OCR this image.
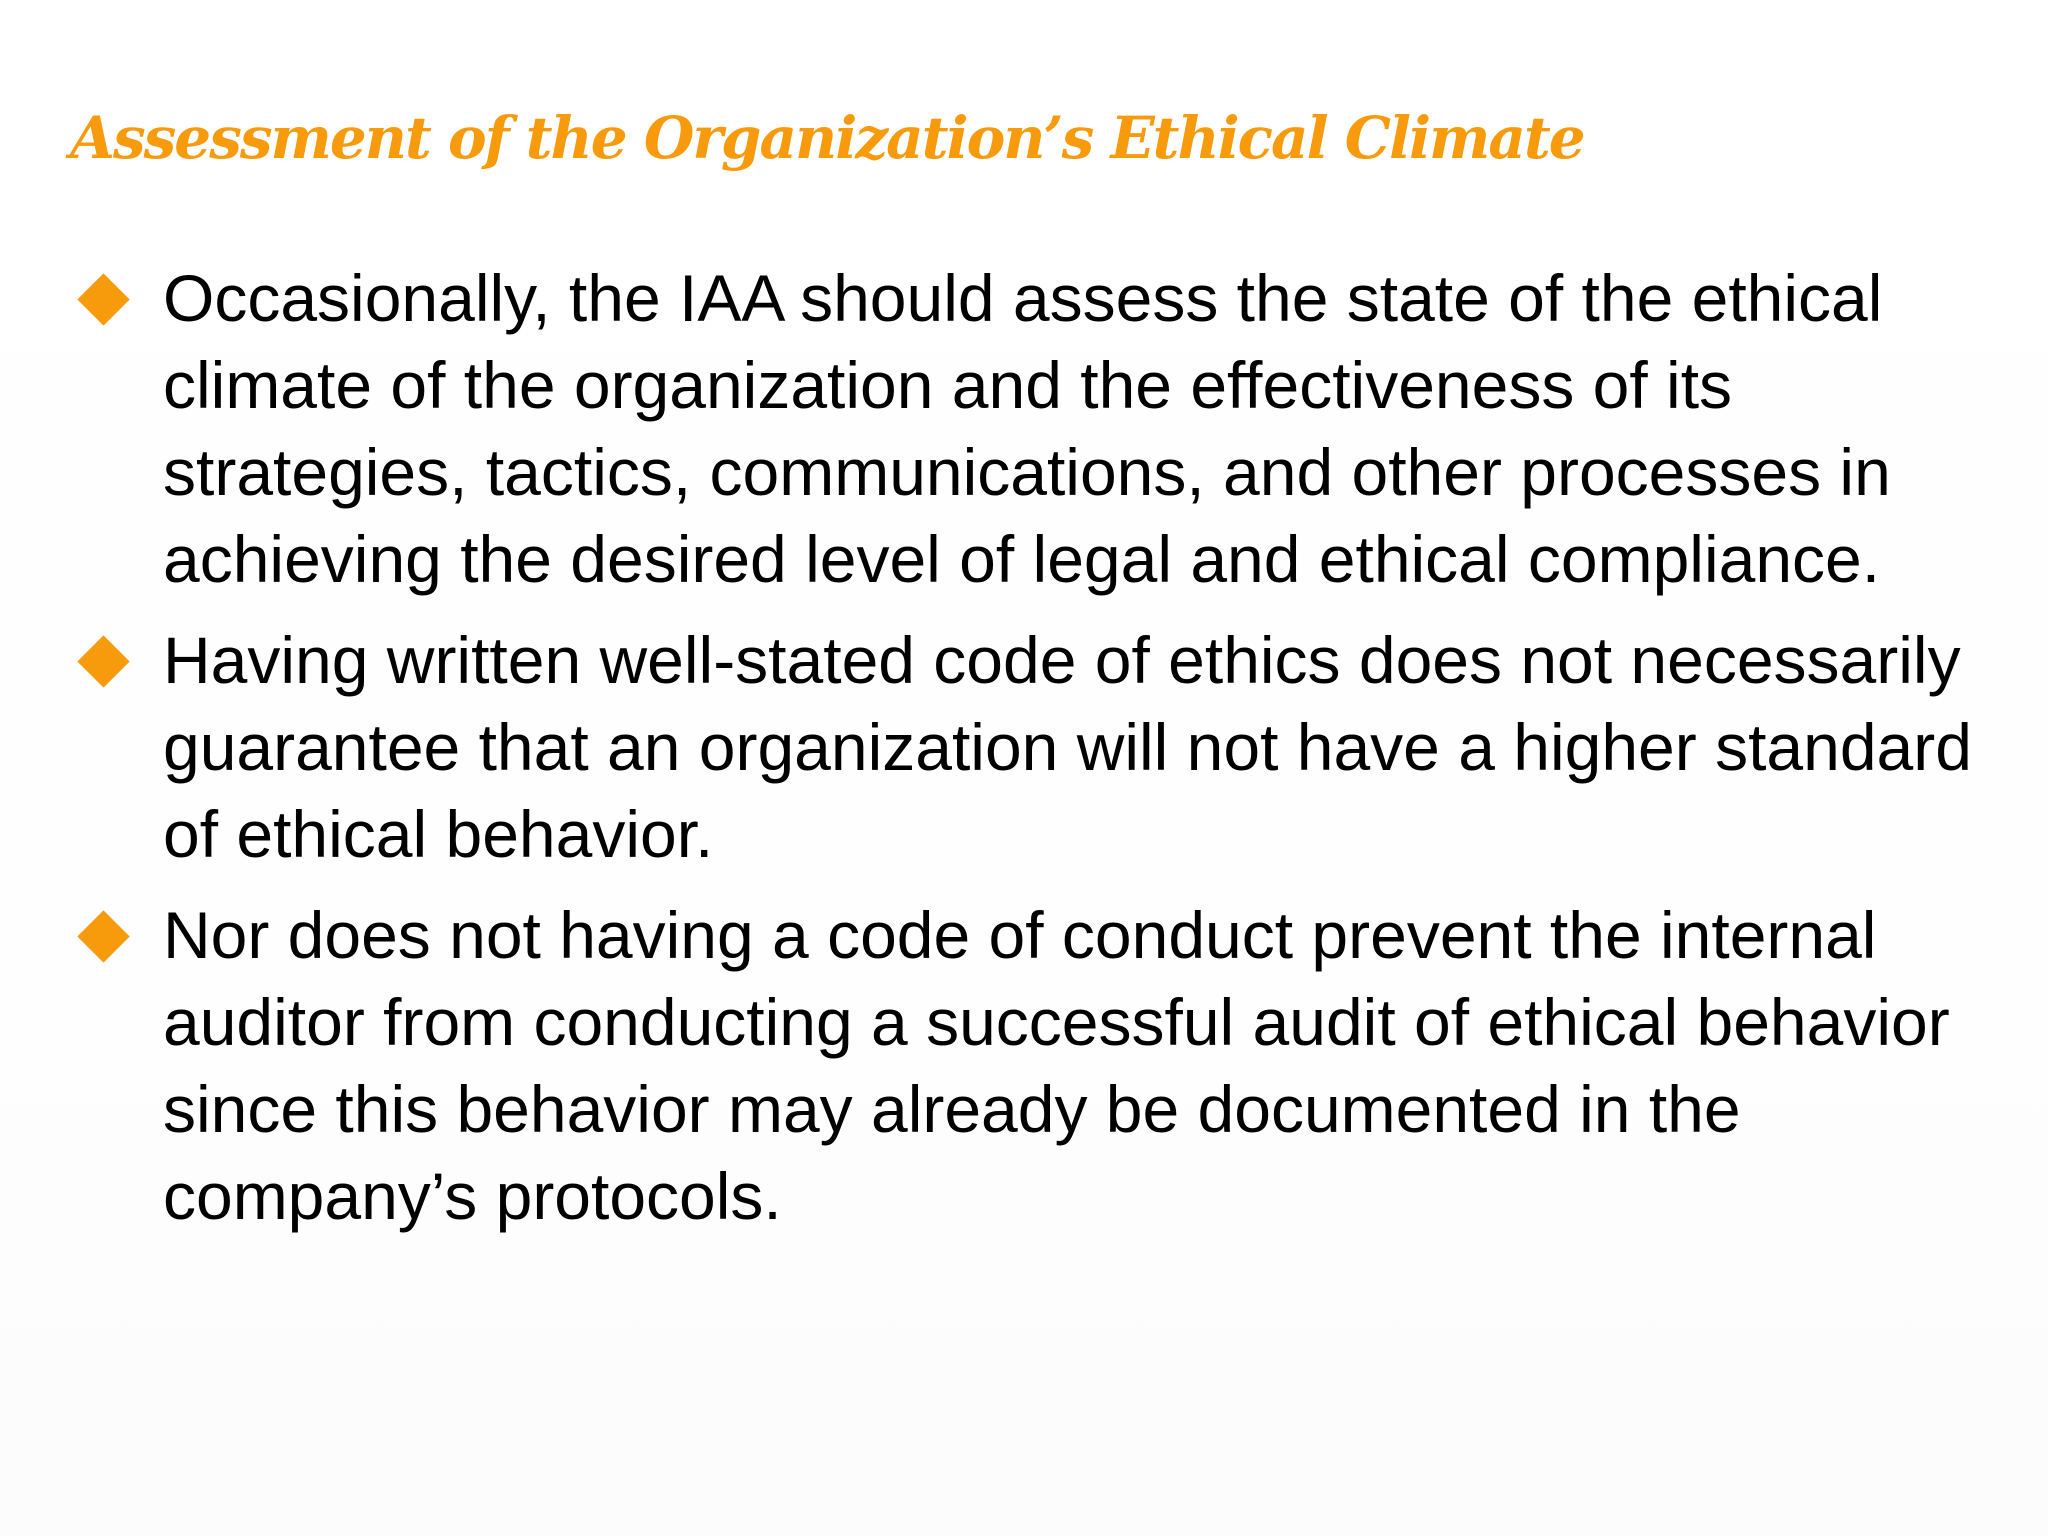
Assessment of the Organization’s Ethical Climate
Occasionally, the IAA should assess the state of the ethical climate of the organization and the effectiveness of its strategies, tactics, communications, and other processes in achieving the desired level of legal and ethical compliance.
Having written well-stated code of ethics does not necessarily guarantee that an organization will not have a higher standard of ethical behavior.
Nor does not having a code of conduct prevent the internal auditor from conducting a successful audit of ethical behavior since this behavior may already be documented in the company’s protocols.
